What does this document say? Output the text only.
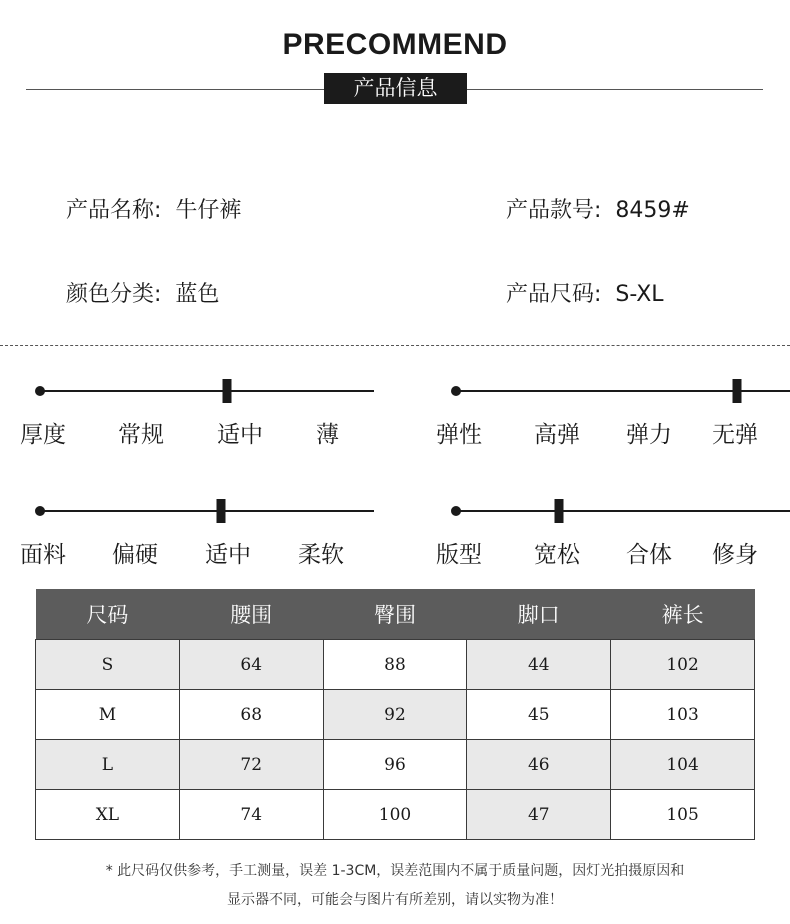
PRECOMMEND
产品信息
产品名称: 牛仔裤	产品款号: 8459#
颜色分类: 蓝色	产品尺码: S-XL
厚度 常规 适中 薄	弹性 高弹 弹力 无弹
面料 偏硬 适中 柔软	版型 宽松 合体 修身
尺码	腰围	臀围	脚口	裤长
S	64	88	44	102
M	68	92	45	103
L	72	96	46	104
XL	74	100	47	105
* 此尺码仅供参考，手工测量，误差 1-3CM，误差范围内不属于质量问题，因灯光拍摄原因和
显示器不同，可能会与图片有所差别，请以实物为准！
